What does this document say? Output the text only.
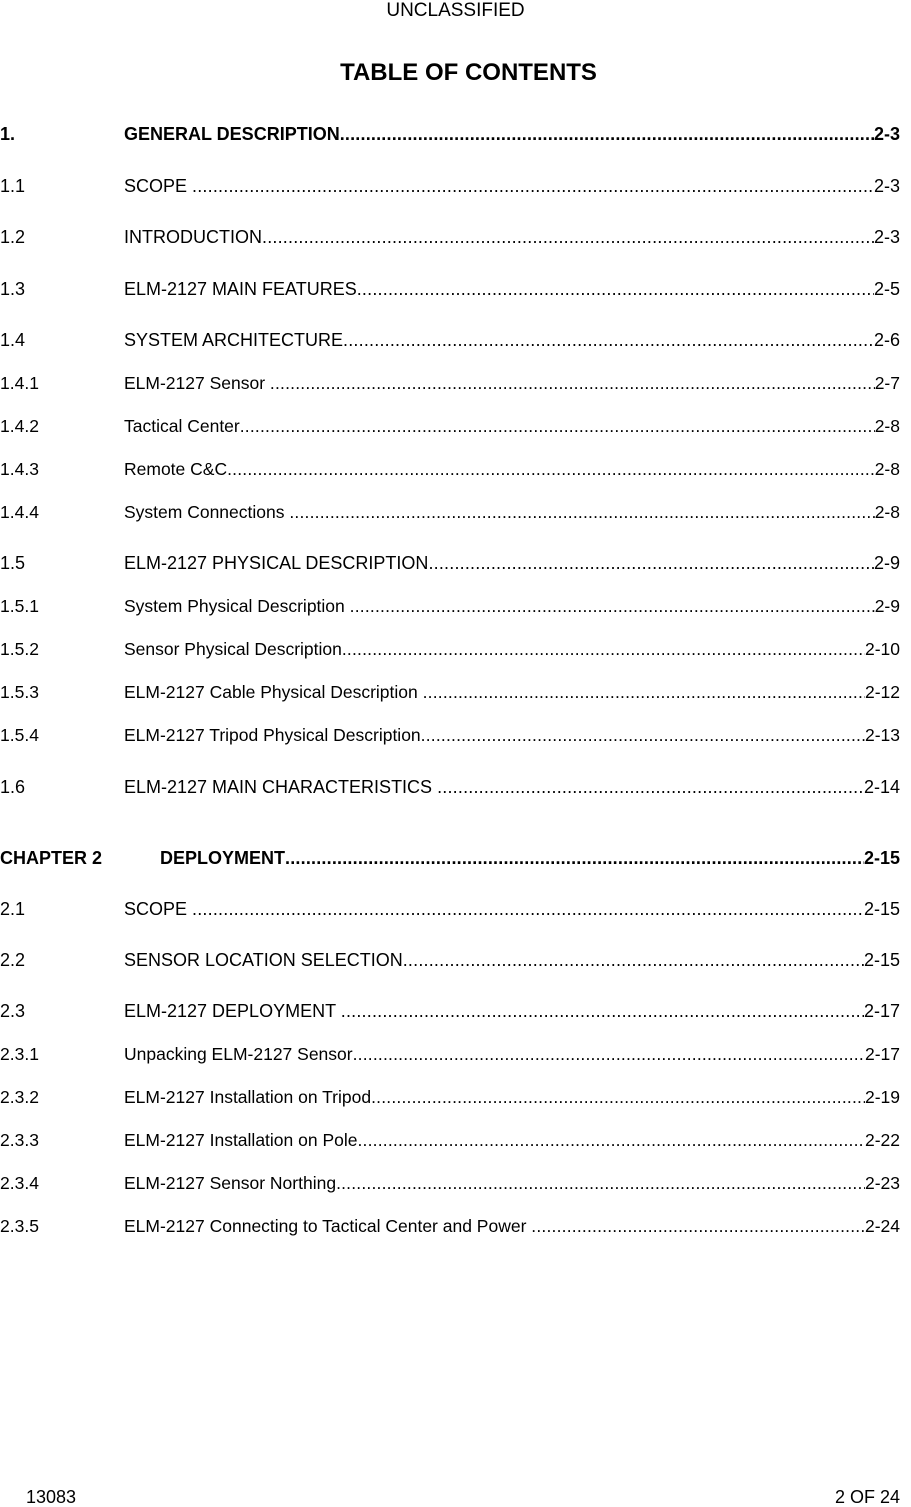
UNCLASSIFIED
TABLE OF CONTENTS
1.	GENERAL DESCRIPTION .....	2-3
1.1	SCOPE .....	2-3
1.2	INTRODUCTION .....	2-3
1.3	ELM-2127 MAIN FEATURES .....	2-5
1.4	SYSTEM ARCHITECTURE .....	2-6
1.4.1	ELM-2127 Sensor .....	2-7
1.4.2	Tactical Center .....	2-8
1.4.3	Remote C&C .....	2-8
1.4.4	System Connections .....	2-8
1.5	ELM-2127 PHYSICAL DESCRIPTION .....	2-9
1.5.1	System Physical Description .....	2-9
1.5.2	Sensor Physical Description .....	2-10
1.5.3	ELM-2127 Cable Physical Description .....	2-12
1.5.4	ELM-2127 Tripod Physical Description .....	2-13
1.6	ELM-2127 MAIN CHARACTERISTICS .....	2-14
CHAPTER 2	DEPLOYMENT .....	2-15
2.1	SCOPE .....	2-15
2.2	SENSOR LOCATION SELECTION .....	2-15
2.3	ELM-2127 DEPLOYMENT .....	2-17
2.3.1	Unpacking ELM-2127 Sensor .....	2-17
2.3.2	ELM-2127 Installation on Tripod .....	2-19
2.3.3	ELM-2127 Installation on Pole .....	2-22
2.3.4	ELM-2127 Sensor Northing .....	2-23
2.3.5	ELM-2127 Connecting to Tactical Center and Power .....	2-24
13083	2 OF 24
